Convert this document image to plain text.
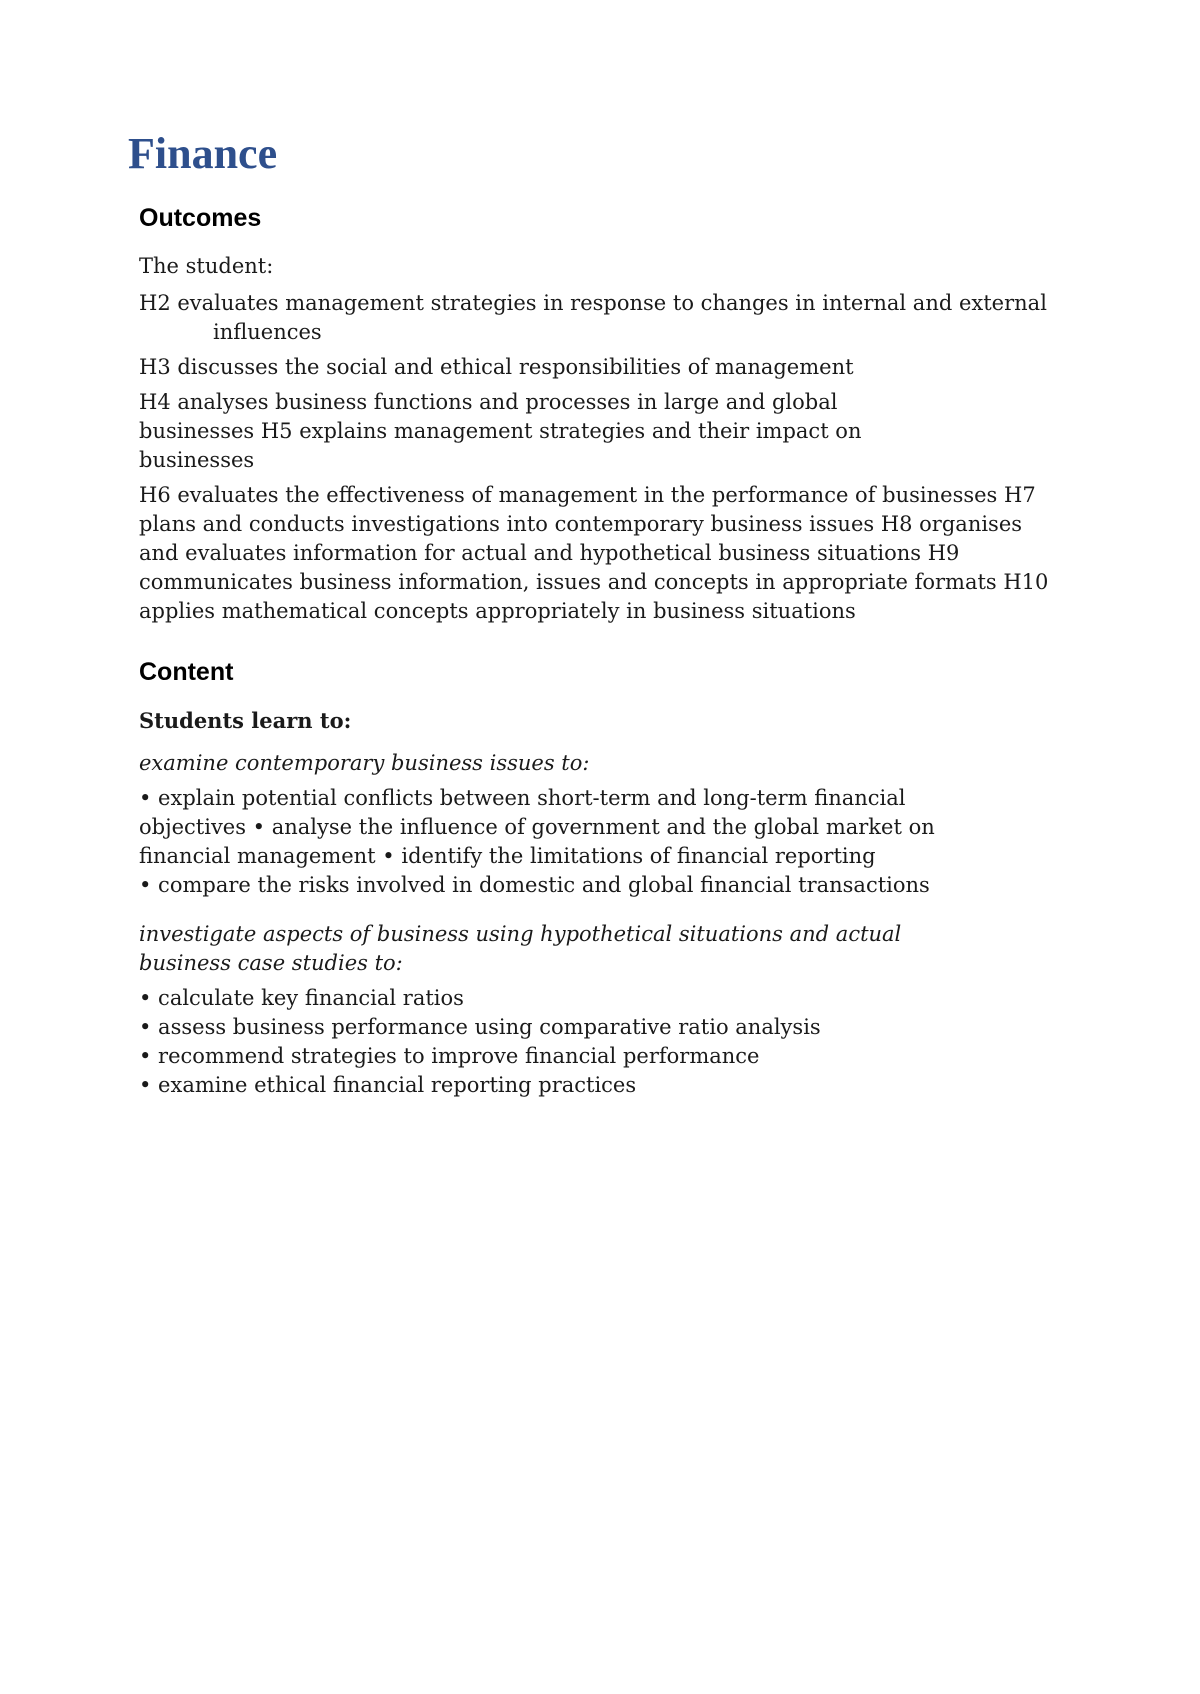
Finance
Outcomes

The student:

H2 evaluates management strategies in response to changes in internal and external influences

H3 discusses the social and ethical responsibilities of management

H4 analyses business functions and processes in large and global businesses H5 explains management strategies and their impact on businesses

H6 evaluates the effectiveness of management in the performance of businesses H7 plans and conducts investigations into contemporary business issues H8 organises and evaluates information for actual and hypothetical business situations H9 communicates business information, issues and concepts in appropriate formats H10 applies mathematical concepts appropriately in business situations

Content

Students learn to:

examine contemporary business issues to:

• explain potential conflicts between short-term and long-term financial objectives • analyse the influence of government and the global market on financial management • identify the limitations of financial reporting

• compare the risks involved in domestic and global financial transactions

investigate aspects of business using hypothetical situations and actual business case studies to:

• calculate key financial ratios

• assess business performance using comparative ratio analysis

• recommend strategies to improve financial performance

• examine ethical financial reporting practices
